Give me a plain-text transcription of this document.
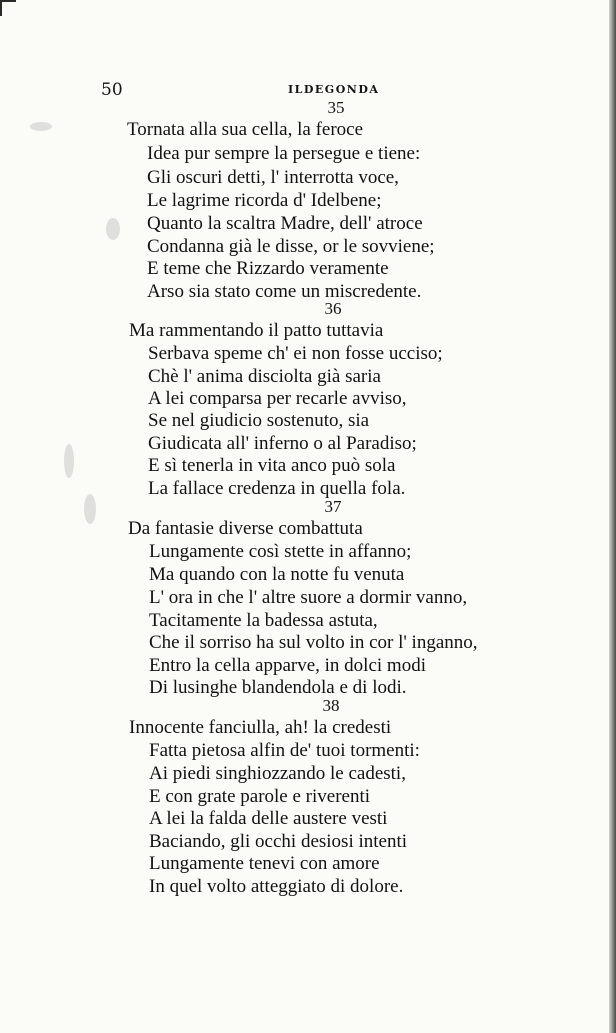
50	ILDEGONDA
35
Tornata alla sua cella, la feroce
Idea pur sempre la persegue e tiene:
Gli oscuri detti, l' interrotta voce,
Le lagrime ricorda d' Idelbene;
Quanto la scaltra Madre, dell' atroce
Condanna già le disse, or le sovviene;
E teme che Rizzardo veramente
Arso sia stato come un miscredente.
36
Ma rammentando il patto tuttavia
Serbava speme ch' ei non fosse ucciso;
Chè l' anima disciolta già saria
A lei comparsa per recarle avviso,
Se nel giudicio sostenuto, sia
Giudicata all' inferno o al Paradiso;
E sì tenerla in vita anco può sola
La fallace credenza in quella fola.
37
Da fantasie diverse combattuta
Lungamente così stette in affanno;
Ma quando con la notte fu venuta
L' ora in che l' altre suore a dormir vanno,
Tacitamente la badessa astuta,
Che il sorriso ha sul volto in cor l' inganno,
Entro la cella apparve, in dolci modi
Di lusinghe blandendola e di lodi.
38
Innocente fanciulla, ah! la credesti
Fatta pietosa alfin de' tuoi tormenti:
Ai piedi singhiozzando le cadesti,
E con grate parole e riverenti
A lei la falda delle austere vesti
Baciando, gli occhi desiosi intenti
Lungamente tenevi con amore
In quel volto atteggiato di dolore.
